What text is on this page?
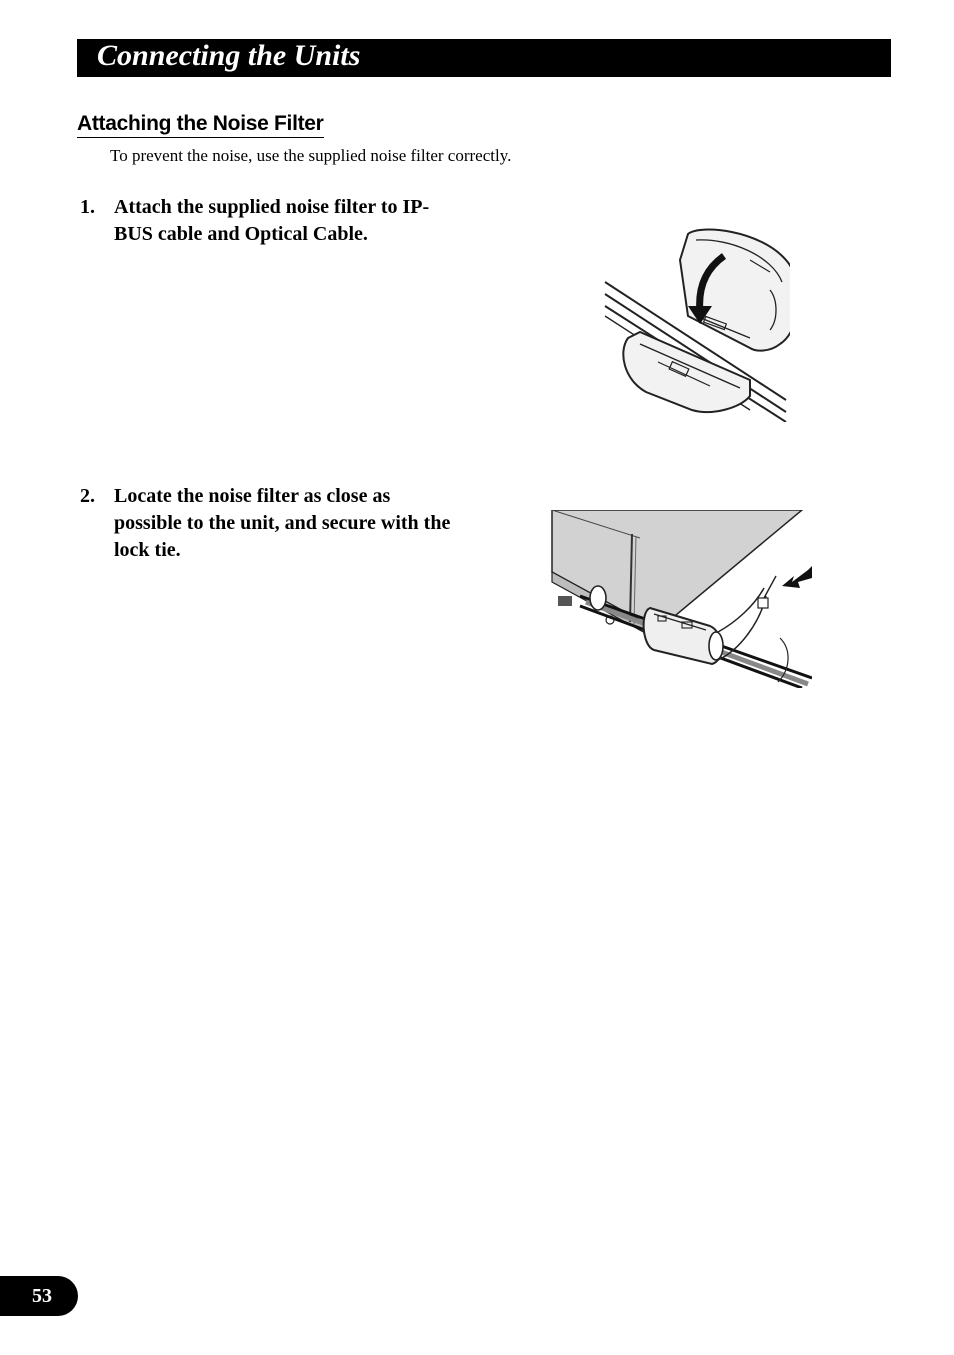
Connecting the Units
Attaching the Noise Filter
To prevent the noise, use the supplied noise filter correctly.
1. Attach the supplied noise filter to IP-BUS cable and Optical Cable.
2. Locate the noise filter as close as possible to the unit, and secure with the lock tie.
53
